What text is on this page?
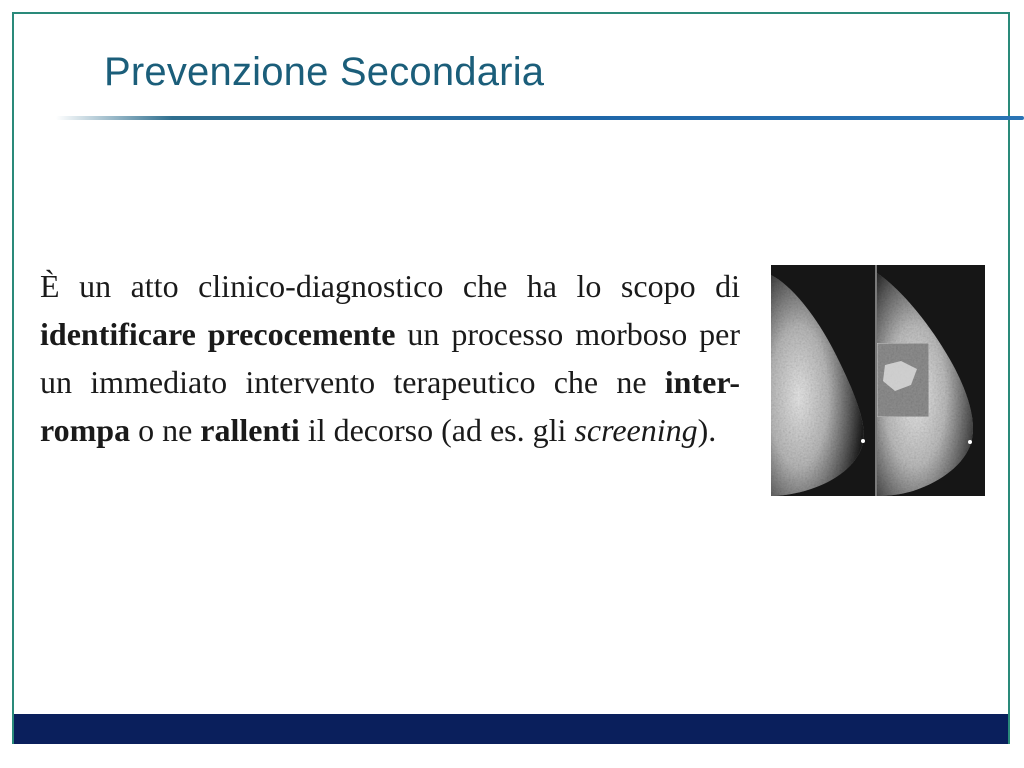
Prevenzione Secondaria

È un atto clinico-diagnostico che ha lo scopo di identificare precocemente un processo morboso per un immediato intervento terapeutico che ne inter-rompa o ne rallenti il decorso (ad es. gli screening).
